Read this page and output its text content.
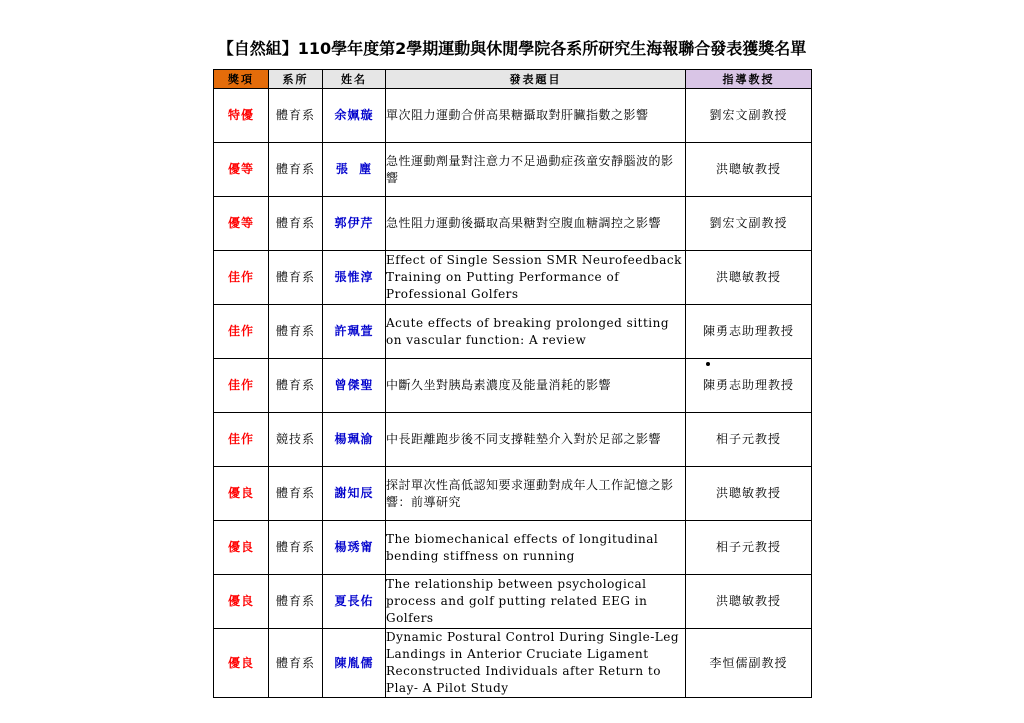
【自然組】110學年度第2學期運動與休閒學院各系所研究生海報聯合發表獲獎名單
獎項	系所	姓名	發表題目	指導教授
特優	體育系	余姵璇	單次阻力運動合併高果糖攝取對肝臟指數之影響	劉宏文副教授
優等	體育系	張  塵	急性運動劑量對注意力不足過動症孩童安靜腦波的影響	洪聰敏教授
優等	體育系	郭伊芹	急性阻力運動後攝取高果糖對空腹血糖調控之影響	劉宏文副教授
佳作	體育系	張惟淳	Effect of Single Session SMR Neurofeedback Training on Putting Performance of Professional Golfers	洪聰敏教授
佳作	體育系	許珮萱	Acute effects of breaking prolonged sitting on vascular function: A review	陳勇志助理教授
佳作	體育系	曾傑聖	中斷久坐對胰島素濃度及能量消耗的影響	陳勇志助理教授
佳作	競技系	楊珮渝	中長距離跑步後不同支撐鞋墊介入對於足部之影響	相子元教授
優良	體育系	謝知辰	探討單次性高低認知要求運動對成年人工作記憶之影響：前導研究	洪聰敏教授
優良	體育系	楊琇甯	The biomechanical effects of longitudinal bending stiffness on running	相子元教授
優良	體育系	夏長佑	The relationship between psychological process and golf putting related EEG in Golfers	洪聰敏教授
優良	體育系	陳胤儒	Dynamic Postural Control During Single-Leg Landings in Anterior Cruciate Ligament Reconstructed Individuals after Return to Play- A Pilot Study	李恒儒副教授
